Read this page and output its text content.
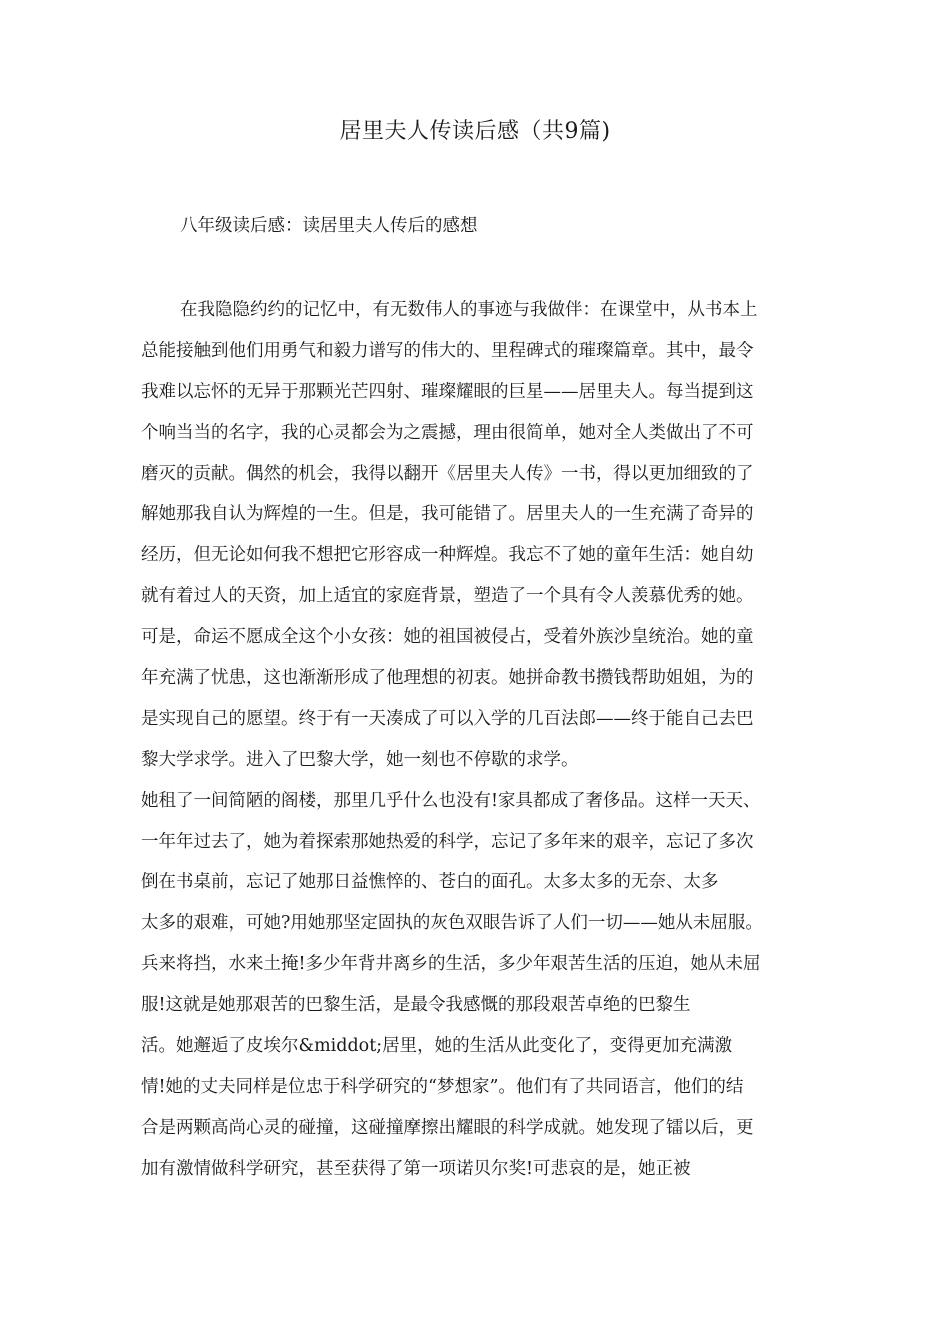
居里夫人传读后感（共9篇)
八年级读后感：读居里夫人传后的感想
在我隐隐约约的记忆中，有无数伟人的事迹与我做伴：在课堂中，从书本上
总能接触到他们用勇气和毅力谱写的伟大的、里程碑式的璀璨篇章。其中，最令
我难以忘怀的无异于那颗光芒四射、璀璨耀眼的巨星——居里夫人。每当提到这
个响当当的名字，我的心灵都会为之震撼，理由很简单，她对全人类做出了不可
磨灭的贡献。偶然的机会，我得以翻开《居里夫人传》一书，得以更加细致的了
解她那我自认为辉煌的一生。但是，我可能错了。居里夫人的一生充满了奇异的
经历，但无论如何我不想把它形容成一种辉煌。我忘不了她的童年生活：她自幼
就有着过人的天资，加上适宜的家庭背景，塑造了一个具有令人羡慕优秀的她。
可是，命运不愿成全这个小女孩：她的祖国被侵占，受着外族沙皇统治。她的童
年充满了忧患，这也渐渐形成了他理想的初衷。她拼命教书攒钱帮助姐姐，为的
是实现自己的愿望。终于有一天凑成了可以入学的几百法郎——终于能自己去巴
黎大学求学。进入了巴黎大学，她一刻也不停歇的求学。
她租了一间简陋的阁楼，那里几乎什么也没有!家具都成了奢侈品。这样一天天、
一年年过去了，她为着探索那她热爱的科学，忘记了多年来的艰辛，忘记了多次
倒在书桌前，忘记了她那日益憔悴的、苍白的面孔。太多太多的无奈、太多
太多的艰难，可她?用她那坚定固执的灰色双眼告诉了人们一切——她从未屈服。
兵来将挡，水来土掩!多少年背井离乡的生活，多少年艰苦生活的压迫，她从未屈
服!这就是她那艰苦的巴黎生活，是最令我感慨的那段艰苦卓绝的巴黎生
活。她邂逅了皮埃尔&middot;居里，她的生活从此变化了，变得更加充满激
情!她的丈夫同样是位忠于科学研究的“梦想家”。他们有了共同语言，他们的结
合是两颗高尚心灵的碰撞，这碰撞摩擦出耀眼的科学成就。她发现了镭以后，更
加有激情做科学研究，甚至获得了第一项诺贝尔奖!可悲哀的是，她正被
